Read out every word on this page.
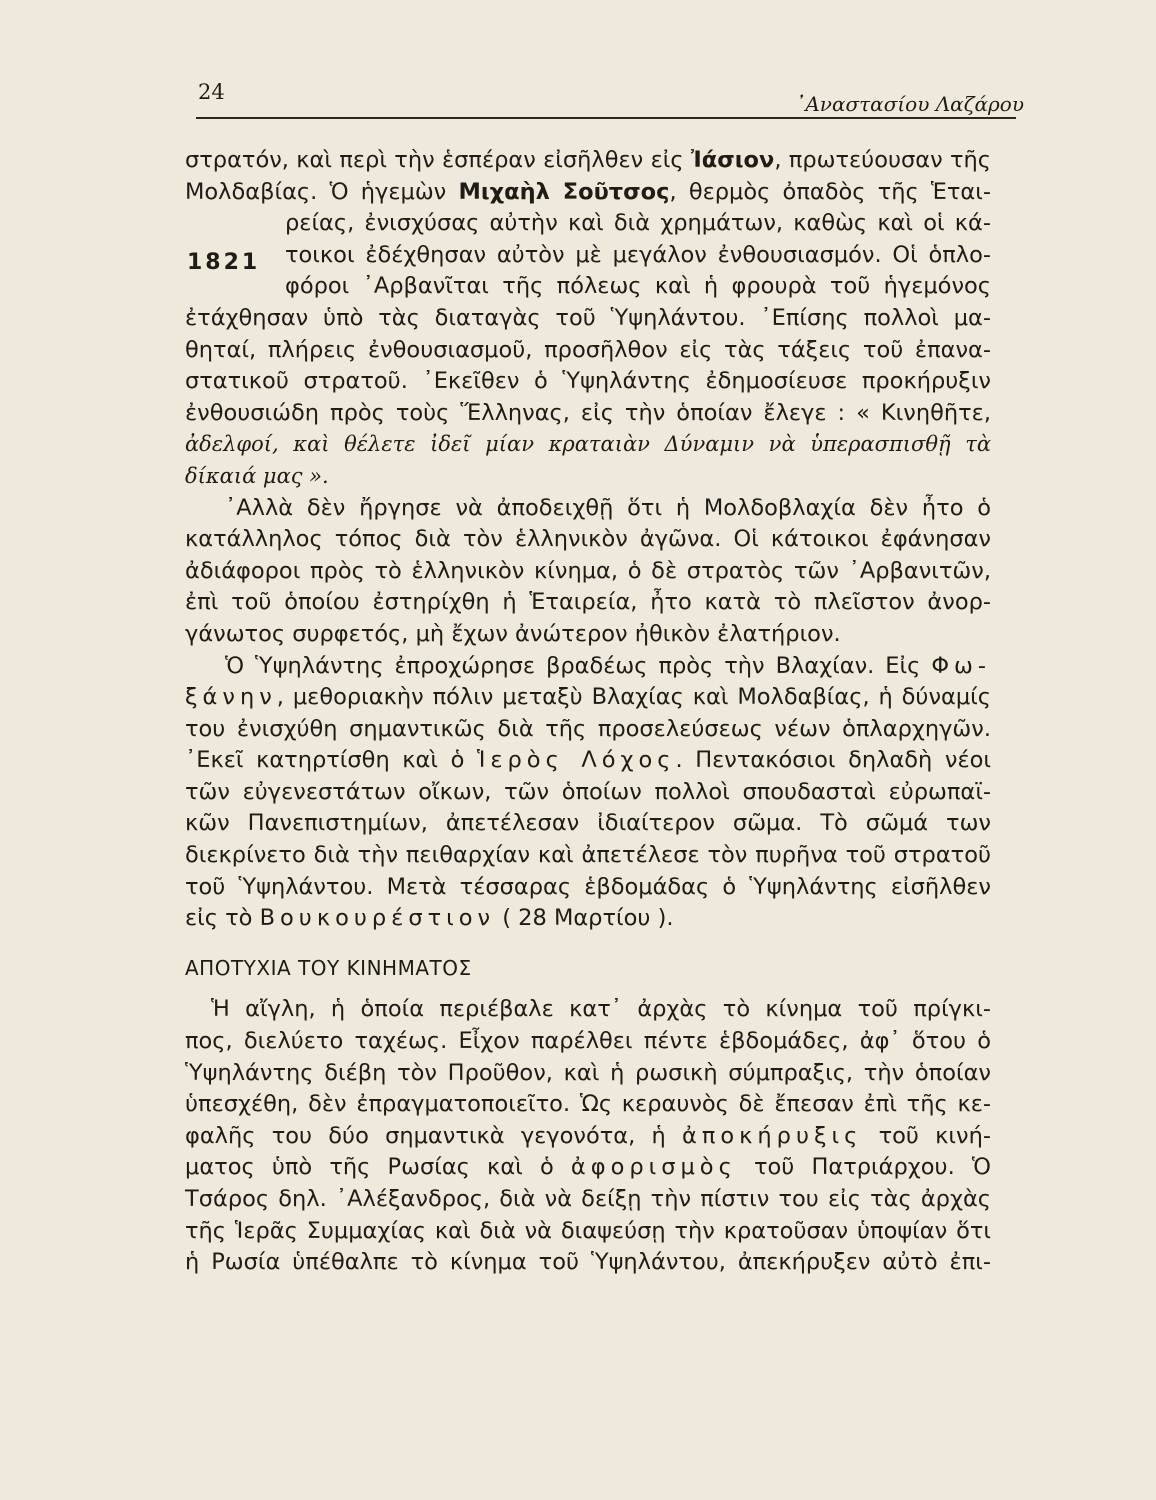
24	᾿Αναστασίου Λαζάρου
1821
στρατόν, καὶ περὶ τὴν ἑσπέραν εἰσῆλθεν εἰς Ἰάσιον, πρωτεύουσαν τῆς
Μολδαβίας. Ὁ ἡγεμὼν Μιχαὴλ Σοῦτσος, θερμὸς ὀπαδὸς τῆς Ἑται-
ρείας, ἐνισχύσας αὐτὴν καὶ διὰ χρημάτων, καθὼς καὶ οἱ κά-
τοικοι ἐδέχθησαν αὐτὸν μὲ μεγάλον ἐνθουσιασμόν. Οἱ ὁπλο-
φόροι ᾿Αρβανῖται τῆς πόλεως καὶ ἡ φρουρὰ τοῦ ἡγεμόνος
ἐτάχθησαν ὑπὸ τὰς διαταγὰς τοῦ Ὑψηλάντου. ᾿Επίσης πολλοὶ μα-
θηταί, πλήρεις ἐνθουσιασμοῦ, προσῆλθον εἰς τὰς τάξεις τοῦ ἐπανα-
στατικοῦ στρατοῦ. ᾿Εκεῖθεν ὁ Ὑψηλάντης ἐδημοσίευσε προκήρυξιν
ἐνθουσιώδη πρὸς τοὺς Ἕλληνας, εἰς τὴν ὁποίαν ἔλεγε : « Κινηθῆτε,
ἀδελφοί, καὶ θέλετε ἰδεῖ μίαν κραταιὰν Δύναμιν νὰ ὑπερασπισθῇ τὰ
δίκαιά μας ».
᾿Αλλὰ δὲν ἤργησε νὰ ἀποδειχθῇ ὅτι ἡ Μολδοβλαχία δὲν ἦτο ὁ
κατάλληλος τόπος διὰ τὸν ἑλληνικὸν ἀγῶνα. Οἱ κάτοικοι ἐφάνησαν
ἀδιάφοροι πρὸς τὸ ἑλληνικὸν κίνημα, ὁ δὲ στρατὸς τῶν ᾿Αρβανιτῶν,
ἐπὶ τοῦ ὁποίου ἐστηρίχθη ἡ Ἑταιρεία, ἦτο κατὰ τὸ πλεῖστον ἀνορ-
γάνωτος συρφετός, μὴ ἔχων ἀνώτερον ἠθικὸν ἐλατήριον.
Ὁ Ὑψηλάντης ἐπροχώρησε βραδέως πρὸς τὴν Βλαχίαν. Εἰς Φω-
ξάνην, μεθοριακὴν πόλιν μεταξὺ Βλαχίας καὶ Μολδαβίας, ἡ δύναμίς
του ἐνισχύθη σημαντικῶς διὰ τῆς προσελεύσεως νέων ὁπλαρχηγῶν.
᾿Εκεῖ κατηρτίσθη καὶ ὁ Ἱερὸς Λόχος. Πεντακόσιοι δηλαδὴ νέοι
τῶν εὐγενεστάτων οἴκων, τῶν ὁποίων πολλοὶ σπουδασταὶ εὐρωπαϊ-
κῶν Πανεπιστημίων, ἀπετέλεσαν ἰδιαίτερον σῶμα. Τὸ σῶμά των
διεκρίνετο διὰ τὴν πειθαρχίαν καὶ ἀπετέλεσε τὸν πυρῆνα τοῦ στρατοῦ
τοῦ Ὑψηλάντου. Μετὰ τέσσαρας ἑβδομάδας ὁ Ὑψηλάντης εἰσῆλθεν
εἰς τὸ Βουκουρέστιον ( 28 Μαρτίου ).
ΑΠΟΤΥΧΙΑ ΤΟΥ ΚΙΝΗΜΑΤΟΣ
Ἡ αἴγλη, ἡ ὁποία περιέβαλε κατ᾿ ἀρχὰς τὸ κίνημα τοῦ πρίγκι-
πος, διελύετο ταχέως. Εἶχον παρέλθει πέντε ἑβδομάδες, ἀφ᾿ ὅτου ὁ
Ὑψηλάντης διέβη τὸν Προῦθον, καὶ ἡ ρωσικὴ σύμπραξις, τὴν ὁποίαν
ὑπεσχέθη, δὲν ἐπραγματοποιεῖτο. Ὡς κεραυνὸς δὲ ἔπεσαν ἐπὶ τῆς κε-
φαλῆς του δύο σημαντικὰ γεγονότα, ἡ ἀποκήρυξις τοῦ κινή-
ματος ὑπὸ τῆς Ρωσίας καὶ ὁ ἀφορισμὸς τοῦ Πατριάρχου. Ὁ
Τσάρος δηλ. ᾿Αλέξανδρος, διὰ νὰ δείξῃ τὴν πίστιν του εἰς τὰς ἀρχὰς
τῆς Ἱερᾶς Συμμαχίας καὶ διὰ νὰ διαψεύσῃ τὴν κρατοῦσαν ὑποψίαν ὅτι
ἡ Ρωσία ὑπέθαλπε τὸ κίνημα τοῦ Ὑψηλάντου, ἀπεκήρυξεν αὐτὸ ἐπι-
